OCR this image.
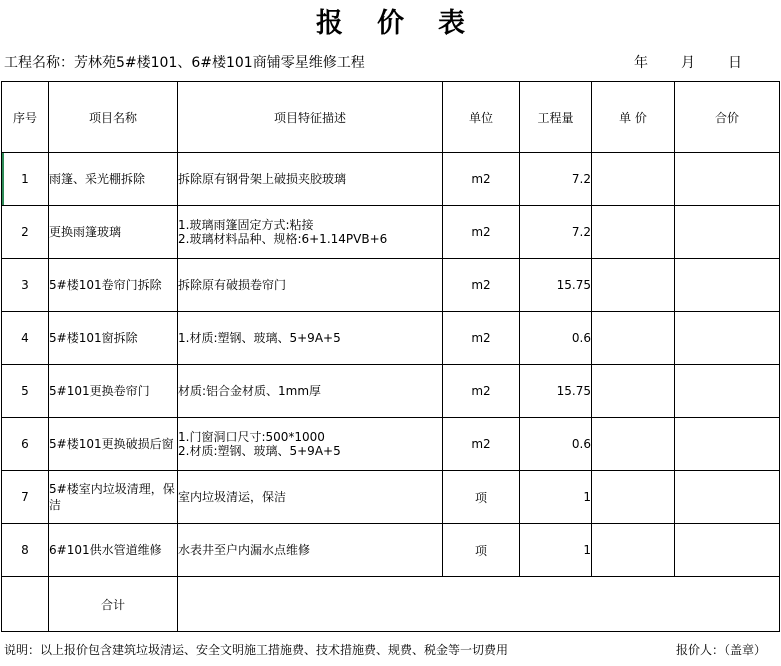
报价表
工程名称：芳林苑5#楼101、6#楼101商铺零星维修工程	年 月 日
序号	项目名称	项目特征描述	单位	工程量	单 价	合价
1	雨篷、采光棚拆除	拆除原有钢骨架上破损夹胶玻璃	m2	7.2		
2	更换雨篷玻璃	1.玻璃雨篷固定方式:粘接
2.玻璃材料品种、规格:6+1.14PVB+6	m2	7.2		
3	5#楼101卷帘门拆除	拆除原有破损卷帘门	m2	15.75		
4	5#楼101窗拆除	1.材质:塑钢、玻璃、5+9A+5	m2	0.6		
5	5#101更换卷帘门	材质:铝合金材质、1mm厚	m2	15.75		
6	5#楼101更换破损后窗	1.门窗洞口尺寸:500*1000
2.材质:塑钢、玻璃、5+9A+5	m2	0.6		
7	5#楼室内垃圾清理，保洁	室内垃圾清运，保洁	项	1		
8	6#101供水管道维修	水表井至户内漏水点维修	项	1		
	合计					
说明：以上报价包含建筑垃圾清运、安全文明施工措施费、技术措施费、规费、税金等一切费用	报价人：（盖章）
